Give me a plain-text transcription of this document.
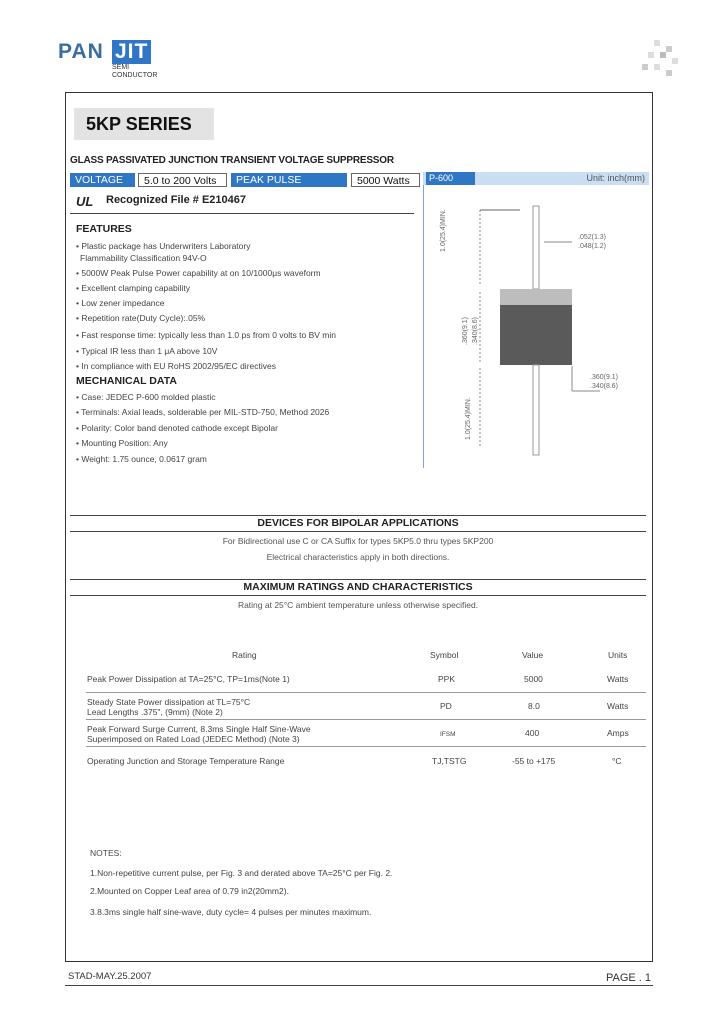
PAN JIT
SEMI
CONDUCTOR
5KP SERIES
GLASS PASSIVATED JUNCTION TRANSIENT VOLTAGE SUPPRESSOR
VOLTAGE	5.0 to 200 Volts	PEAK PULSE POWER
5000 Watts	P-600	Unit: inch(mm)
UL Recognized File # E210467
FEATURES
• Plastic package has Underwriters Laboratory
Flammability Classification 94V-O
• 5000W Peak Pulse Power capability at on 10/1000μs waveform
• Excellent clamping capability
• Low zener impedance
• Repetition rate(Duty Cycle):.05%
• Fast response time: typically less than 1.0 ps from 0 volts to BV min
• Typical IR less than 1 μA above 10V
• In compliance with EU RoHS 2002/95/EC directives
MECHANICAL DATA
• Case: JEDEC P-600 molded plastic
• Terminals: Axial leads, solderable per MIL-STD-750, Method 2026
• Polarity: Color band denoted cathode except Bipolar
• Mounting Position: Any
• Weight: 1.75 ounce, 0.0617 gram
.052(1.3)
.048(1.2)
.360(9.1)
.340(8.6)
1.0(25.4)MIN.
.360(9.1) .340(8.6)
1.0(25.4)MIN.
DEVICES FOR BIPOLAR APPLICATIONS
For Bidirectional use C or CA Suffix for types 5KP5.0 thru types 5KP200
Electrical characteristics apply in both directions.
MAXIMUM RATINGS AND CHARACTERISTICS
Rating at 25°C ambient temperature unless otherwise specified.
Rating	Symbol	Value	Units
Peak Power Dissipation at TA=25°C, TP=1ms(Note 1)	PPK	5000	Watts
Steady State Power dissipation at TL=75°C
Lead Lengths .375", (9mm) (Note 2)
PD	8.0	Watts
Peak Forward Surge Current, 8.3ms Single Half Sine-Wave
Superimposed on Rated Load (JEDEC Method) (Note 3)	IFSM	400	Amps
Operating Junction and Storage Temperature Range	TJ,TSTG	-55 to +175	°C
NOTES:
1.Non-repetitive current pulse, per Fig. 3 and derated above TA=25°C per Fig. 2.
2.Mounted on Copper Leaf area of 0.79 in2(20mm2).
3.8.3ms single half sine-wave, duty cycle= 4 pulses per minutes maximum.
STAD-MAY.25.2007	PAGE . 1
